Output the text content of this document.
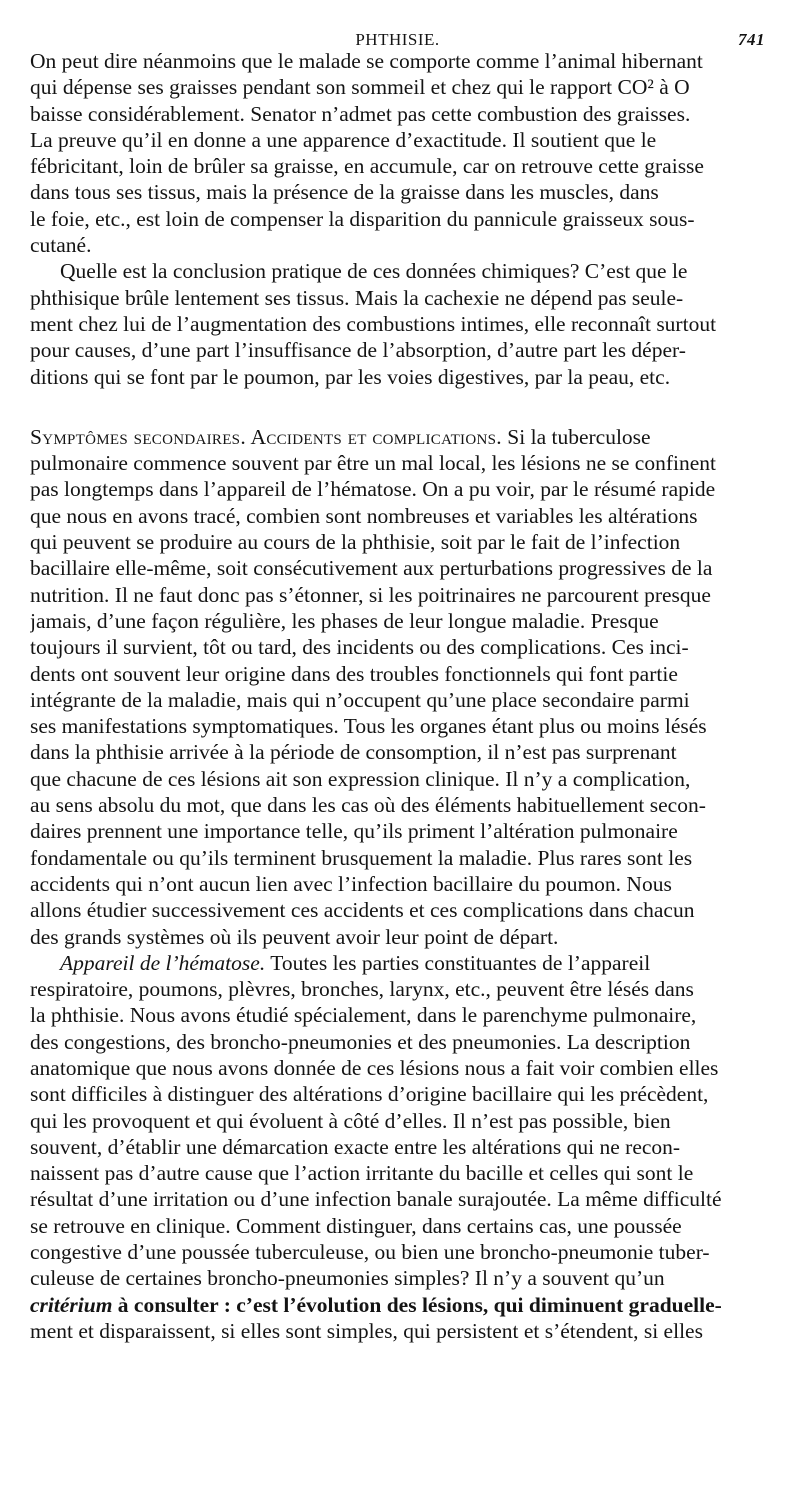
PHTHISIE.	741
On peut dire néanmoins que le malade se comporte comme l’animal hibernant
qui dépense ses graisses pendant son sommeil et chez qui le rapport CO² à O
baisse considérablement. Senator n’admet pas cette combustion des graisses.
La preuve qu’il en donne a une apparence d’exactitude. Il soutient que le
fébricitant, loin de brûler sa graisse, en accumule, car on retrouve cette graisse
dans tous ses tissus, mais la présence de la graisse dans les muscles, dans
le foie, etc., est loin de compenser la disparition du pannicule graisseux sous-
cutané.
Quelle est la conclusion pratique de ces données chimiques? C’est que le
phthisique brûle lentement ses tissus. Mais la cachexie ne dépend pas seule-
ment chez lui de l’augmentation des combustions intimes, elle reconnaît surtout
pour causes, d’une part l’insuffisance de l’absorption, d’autre part les déper-
ditions qui se font par le poumon, par les voies digestives, par la peau, etc.
Symptômes secondaires. Accidents et complications. Si la tuberculose
pulmonaire commence souvent par être un mal local, les lésions ne se confinent
pas longtemps dans l’appareil de l’hématose. On a pu voir, par le résumé rapide
que nous en avons tracé, combien sont nombreuses et variables les altérations
qui peuvent se produire au cours de la phthisie, soit par le fait de l’infection
bacillaire elle-même, soit consécutivement aux perturbations progressives de la
nutrition. Il ne faut donc pas s’étonner, si les poitrinaires ne parcourent presque
jamais, d’une façon régulière, les phases de leur longue maladie. Presque
toujours il survient, tôt ou tard, des incidents ou des complications. Ces inci-
dents ont souvent leur origine dans des troubles fonctionnels qui font partie
intégrante de la maladie, mais qui n’occupent qu’une place secondaire parmi
ses manifestations symptomatiques. Tous les organes étant plus ou moins lésés
dans la phthisie arrivée à la période de consomption, il n’est pas surprenant
que chacune de ces lésions ait son expression clinique. Il n’y a complication,
au sens absolu du mot, que dans les cas où des éléments habituellement secon-
daires prennent une importance telle, qu’ils priment l’altération pulmonaire
fondamentale ou qu’ils terminent brusquement la maladie. Plus rares sont les
accidents qui n’ont aucun lien avec l’infection bacillaire du poumon. Nous
allons étudier successivement ces accidents et ces complications dans chacun
des grands systèmes où ils peuvent avoir leur point de départ.
Appareil de l’hématose. Toutes les parties constituantes de l’appareil
respiratoire, poumons, plèvres, bronches, larynx, etc., peuvent être lésés dans
la phthisie. Nous avons étudié spécialement, dans le parenchyme pulmonaire,
des congestions, des broncho-pneumonies et des pneumonies. La description
anatomique que nous avons donnée de ces lésions nous a fait voir combien elles
sont difficiles à distinguer des altérations d’origine bacillaire qui les précèdent,
qui les provoquent et qui évoluent à côté d’elles. Il n’est pas possible, bien
souvent, d’établir une démarcation exacte entre les altérations qui ne recon-
naissent pas d’autre cause que l’action irritante du bacille et celles qui sont le
résultat d’une irritation ou d’une infection banale surajoutée. La même difficulté
se retrouve en clinique. Comment distinguer, dans certains cas, une poussée
congestive d’une poussée tuberculeuse, ou bien une broncho-pneumonie tuber-
culeuse de certaines broncho-pneumonies simples? Il n’y a souvent qu’un
critérium à consulter : c’est l’évolution des lésions, qui diminuent graduelle-
ment et disparaissent, si elles sont simples, qui persistent et s’étendent, si elles
